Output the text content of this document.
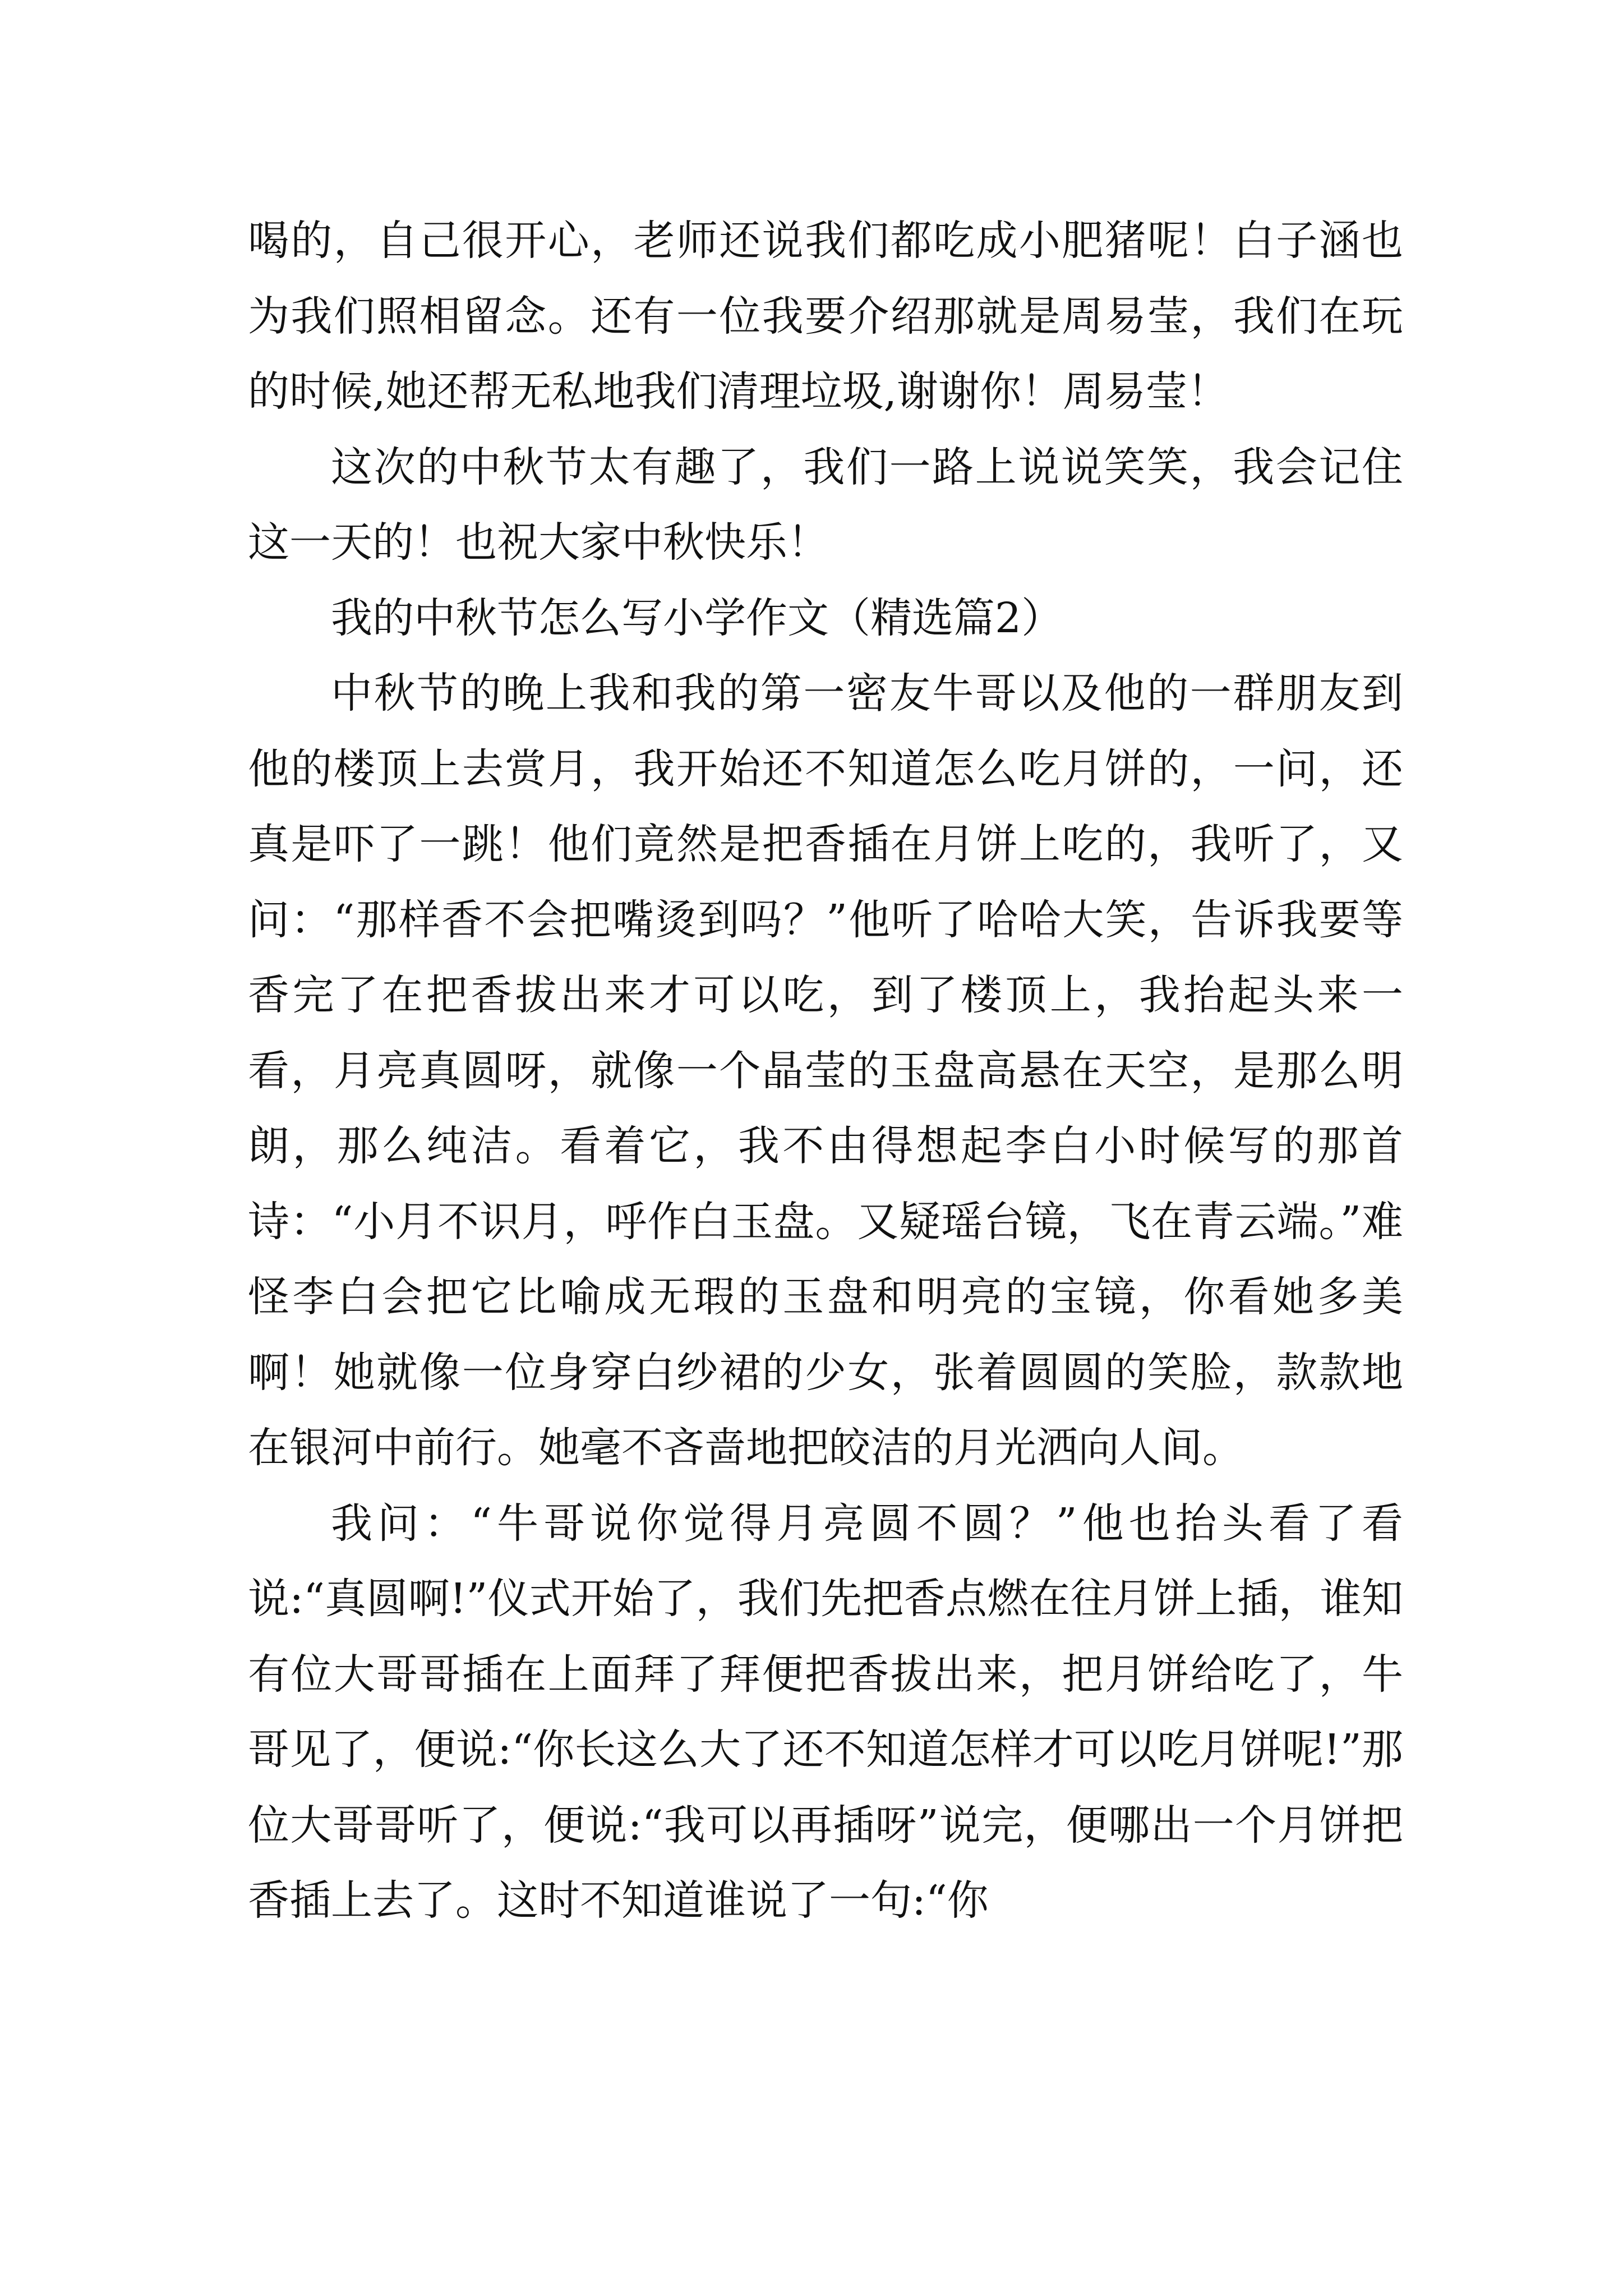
喝的，自己很开心，老师还说我们都吃成小肥猪呢！白子涵也为我们照相留念。还有一位我要介绍那就是周易莹，我们在玩的时候,她还帮无私地我们清理垃圾,谢谢你！周易莹！

这次的中秋节太有趣了，我们一路上说说笑笑，我会记住这一天的！也祝大家中秋快乐！

我的中秋节怎么写小学作文（精选篇2）

中秋节的晚上我和我的第一密友牛哥以及他的一群朋友到他的楼顶上去赏月，我开始还不知道怎么吃月饼的，一问，还真是吓了一跳！他们竟然是把香插在月饼上吃的，我听了，又问：“那样香不会把嘴烫到吗？”他听了哈哈大笑，告诉我要等香完了在把香拔出来才可以吃，到了楼顶上，我抬起头来一看，月亮真圆呀，就像一个晶莹的玉盘高悬在天空，是那么明朗，那么纯洁。看着它，我不由得想起李白小时候写的那首诗：“小月不识月，呼作白玉盘。又疑瑶台镜，飞在青云端。”难怪李白会把它比喻成无瑕的玉盘和明亮的宝镜，你看她多美啊！她就像一位身穿白纱裙的少女，张着圆圆的笑脸，款款地在银河中前行。她毫不吝啬地把皎洁的月光洒向人间。

我问：“牛哥说你觉得月亮圆不圆？”他也抬头看了看说:“真圆啊!”仪式开始了，我们先把香点燃在往月饼上插，谁知有位大哥哥插在上面拜了拜便把香拔出来，把月饼给吃了，牛哥见了，便说:“你长这么大了还不知道怎样才可以吃月饼呢!”那位大哥哥听了，便说:“我可以再插呀”说完，便哪出一个月饼把香插上去了。这时不知道谁说了一句:“你
